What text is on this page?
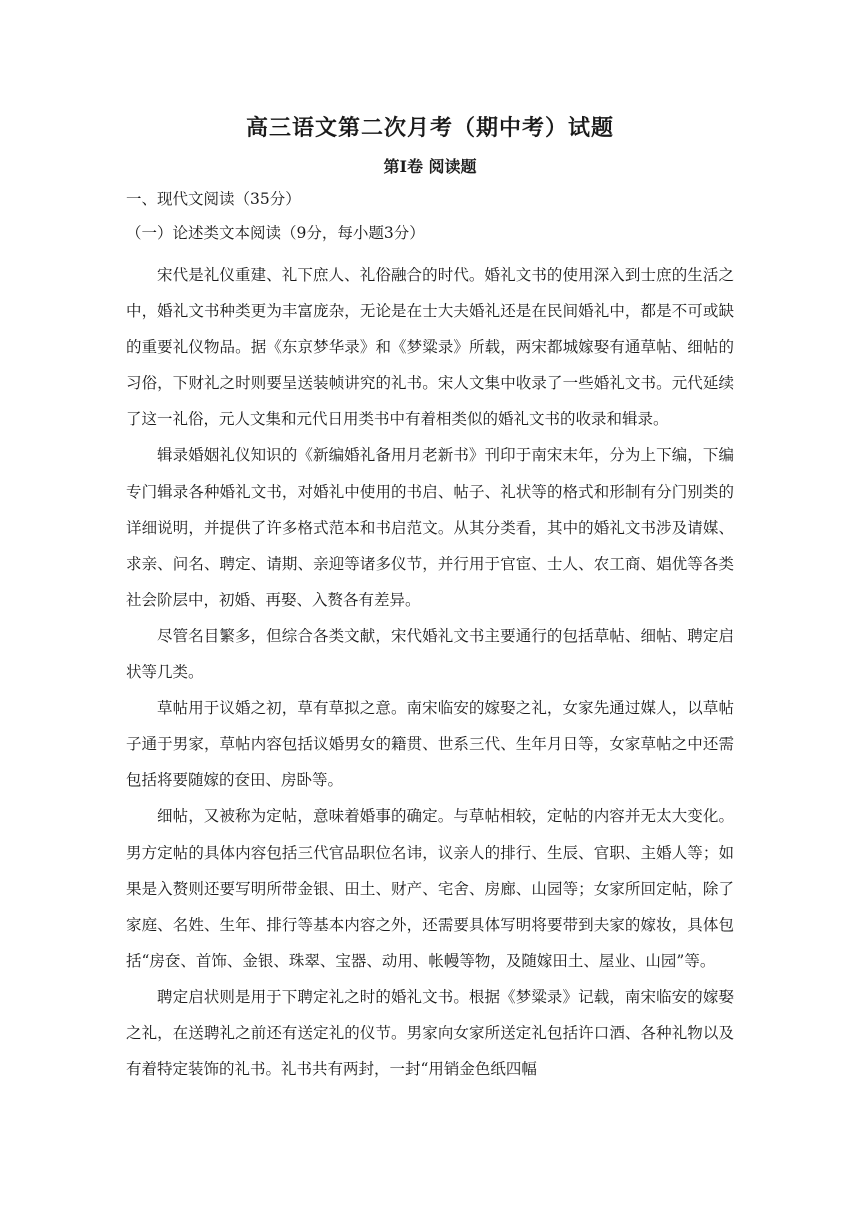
高三语文第二次月考（期中考）试题
第Ⅰ卷 阅读题
一、现代文阅读（35分）
（一）论述类文本阅读（9分，每小题3分）

宋代是礼仪重建、礼下庶人、礼俗融合的时代。婚礼文书的使用深入到士庶的生活之中，婚礼文书种类更为丰富庞杂，无论是在士大夫婚礼还是在民间婚礼中，都是不可或缺的重要礼仪物品。据《东京梦华录》和《梦粱录》所载，两宋都城嫁娶有通草帖、细帖的习俗，下财礼之时则要呈送装帧讲究的礼书。宋人文集中收录了一些婚礼文书。元代延续了这一礼俗，元人文集和元代日用类书中有着相类似的婚礼文书的收录和辑录。

辑录婚姻礼仪知识的《新编婚礼备用月老新书》刊印于南宋末年，分为上下编，下编专门辑录各种婚礼文书，对婚礼中使用的书启、帖子、礼状等的格式和形制有分门别类的详细说明，并提供了许多格式范本和书启范文。从其分类看，其中的婚礼文书涉及请媒、求亲、问名、聘定、请期、亲迎等诸多仪节，并行用于官宦、士人、农工商、娼优等各类社会阶层中，初婚、再娶、入赘各有差异。

尽管名目繁多，但综合各类文献，宋代婚礼文书主要通行的包括草帖、细帖、聘定启状等几类。

草帖用于议婚之初，草有草拟之意。南宋临安的嫁娶之礼，女家先通过媒人，以草帖子通于男家，草帖内容包括议婚男女的籍贯、世系三代、生年月日等，女家草帖之中还需包括将要随嫁的奁田、房卧等。

细帖，又被称为定帖，意味着婚事的确定。与草帖相较，定帖的内容并无太大变化。男方定帖的具体内容包括三代官品职位名讳，议亲人的排行、生辰、官职、主婚人等；如果是入赘则还要写明所带金银、田土、财产、宅舍、房廊、山园等；女家所回定帖，除了家庭、名姓、生年、排行等基本内容之外，还需要具体写明将要带到夫家的嫁妆，具体包括“房奁、首饰、金银、珠翠、宝器、动用、帐幔等物，及随嫁田土、屋业、山园”等。

聘定启状则是用于下聘定礼之时的婚礼文书。根据《梦粱录》记载，南宋临安的嫁娶之礼，在送聘礼之前还有送定礼的仪节。男家向女家所送定礼包括许口酒、各种礼物以及有着特定装饰的礼书。礼书共有两封，一封“用销金色纸四幅
